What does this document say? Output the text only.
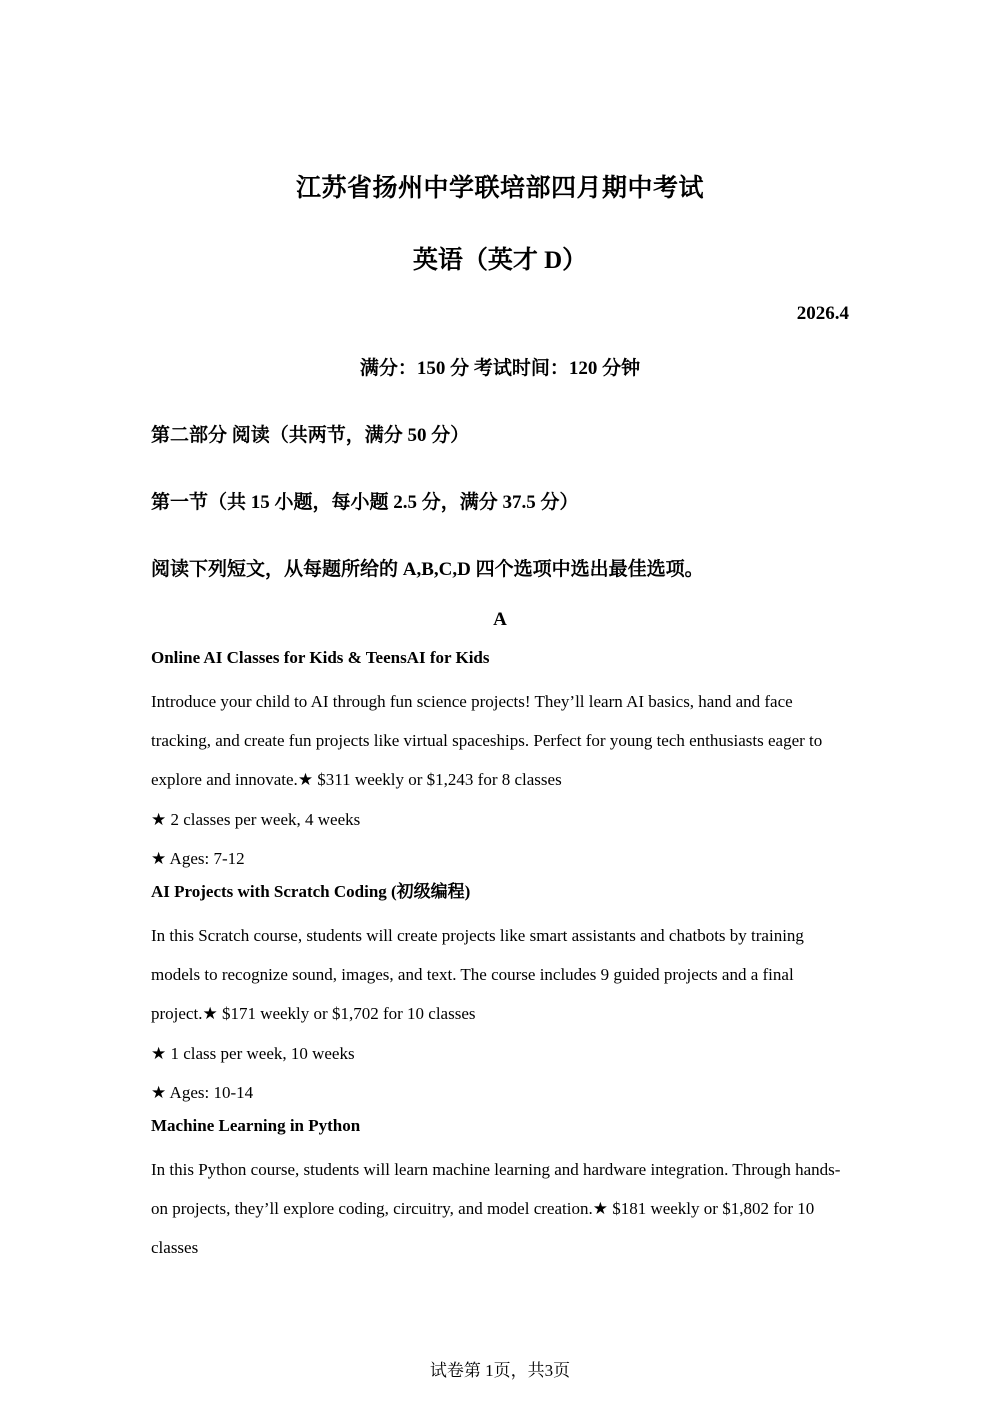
江苏省扬州中学联培部四月期中考试
英语（英才 D）
2026.4
满分：150 分 考试时间：120 分钟
第二部分 阅读（共两节，满分 50 分）
第一节（共 15 小题，每小题 2.5 分，满分 37.5 分）
阅读下列短文，从每题所给的 A,B,C,D 四个选项中选出最佳选项。
A
Online AI Classes for Kids & TeensAI for Kids
Introduce your child to AI through fun science projects! They’ll learn AI basics, hand and face tracking, and create fun projects like virtual spaceships. Perfect for young tech enthusiasts eager to explore and innovate.★ $311 weekly or $1,243 for 8 classes
★ 2 classes per week, 4 weeks
★ Ages: 7-12
AI Projects with Scratch Coding (初级编程)
In this Scratch course, students will create projects like smart assistants and chatbots by training models to recognize sound, images, and text. The course includes 9 guided projects and a final project.★ $171 weekly or $1,702 for 10 classes
★ 1 class per week, 10 weeks
★ Ages: 10-14
Machine Learning in Python
In this Python course, students will learn machine learning and hardware integration. Through hands-on projects, they’ll explore coding, circuitry, and model creation.★ $181 weekly or $1,802 for 10 classes
试卷第 1页，共3页
